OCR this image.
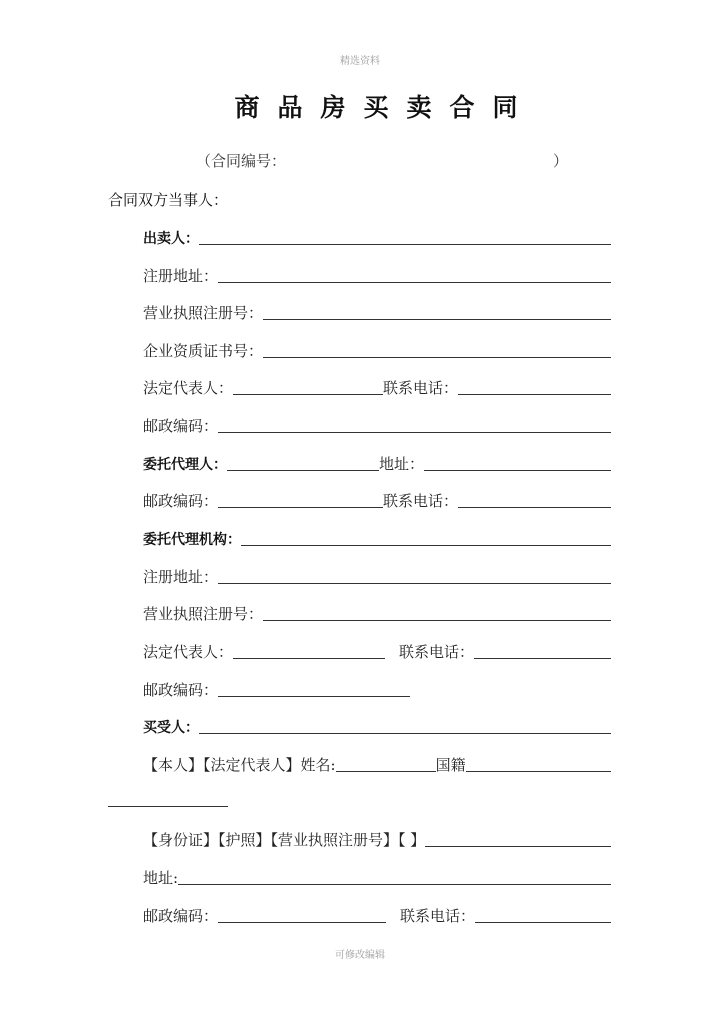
精选资料
商品房买卖合同
（合同编号：	）
合同双方当事人：
出卖人：
注册地址：
营业执照注册号：
企业资质证书号：
法定代表人：	联系电话：
邮政编码：
委托代理人：	地址：
邮政编码：	联系电话：
委托代理机构：
注册地址：
营业执照注册号：
法定代表人：	联系电话：
邮政编码：
买受人：
【本人】【法定代表人】姓名:	国籍
【身份证】【护照】【营业执照注册号】【 】
地址:
邮政编码：	联系电话：
可修改编辑
